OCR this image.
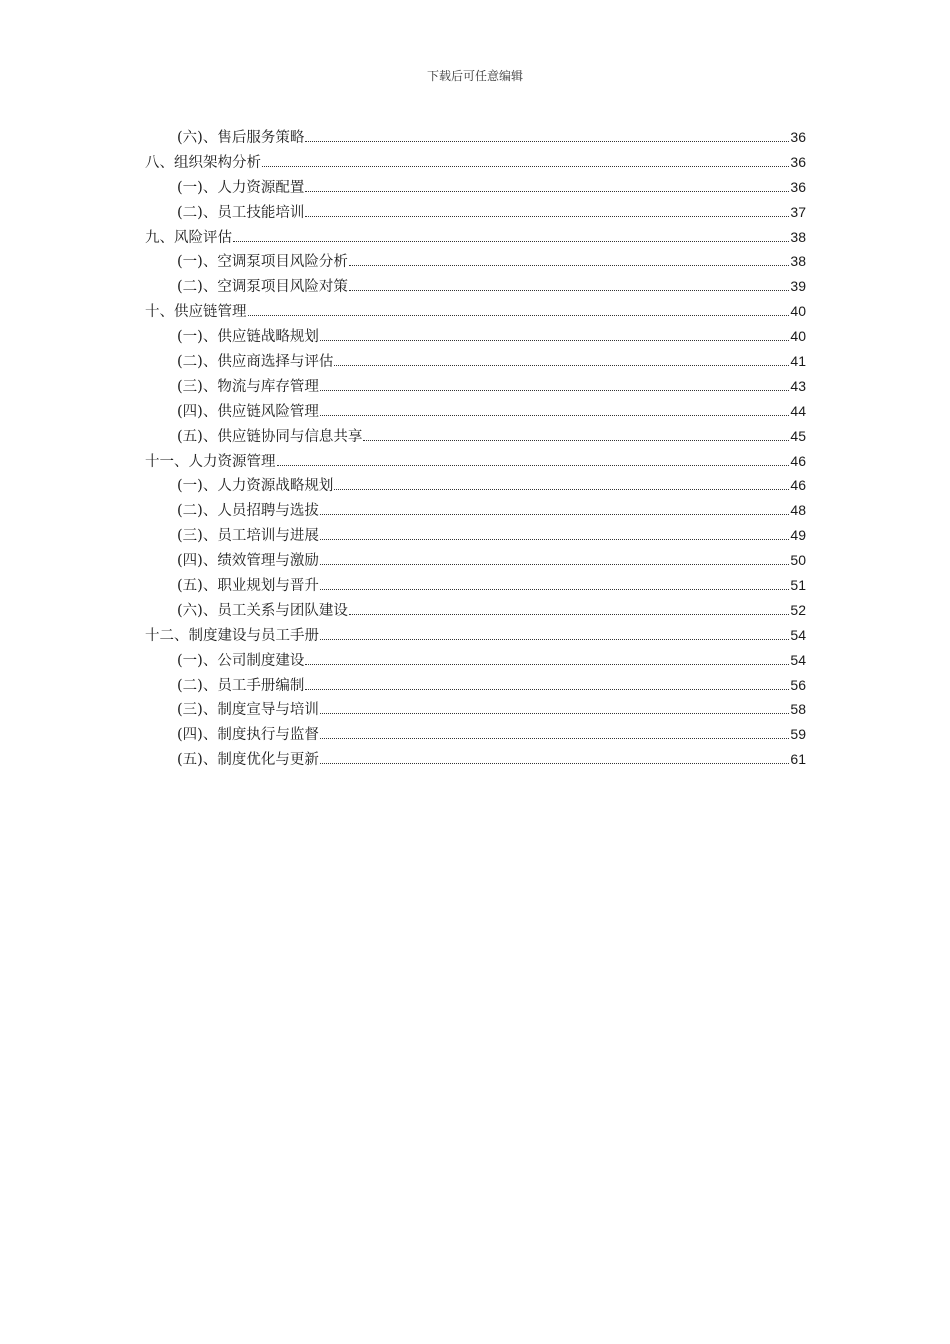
下载后可任意编辑
(六)、售后服务策略	36
八、组织架构分析	36
(一)、人力资源配置	36
(二)、员工技能培训	37
九、风险评估	38
(一)、空调泵项目风险分析	38
(二)、空调泵项目风险对策	39
十、供应链管理	40
(一)、供应链战略规划	40
(二)、供应商选择与评估	41
(三)、物流与库存管理	43
(四)、供应链风险管理	44
(五)、供应链协同与信息共享	45
十一、人力资源管理	46
(一)、人力资源战略规划	46
(二)、人员招聘与选拔	48
(三)、员工培训与进展	49
(四)、绩效管理与激励	50
(五)、职业规划与晋升	51
(六)、员工关系与团队建设	52
十二、制度建设与员工手册	54
(一)、公司制度建设	54
(二)、员工手册编制	56
(三)、制度宣导与培训	58
(四)、制度执行与监督	59
(五)、制度优化与更新	61
